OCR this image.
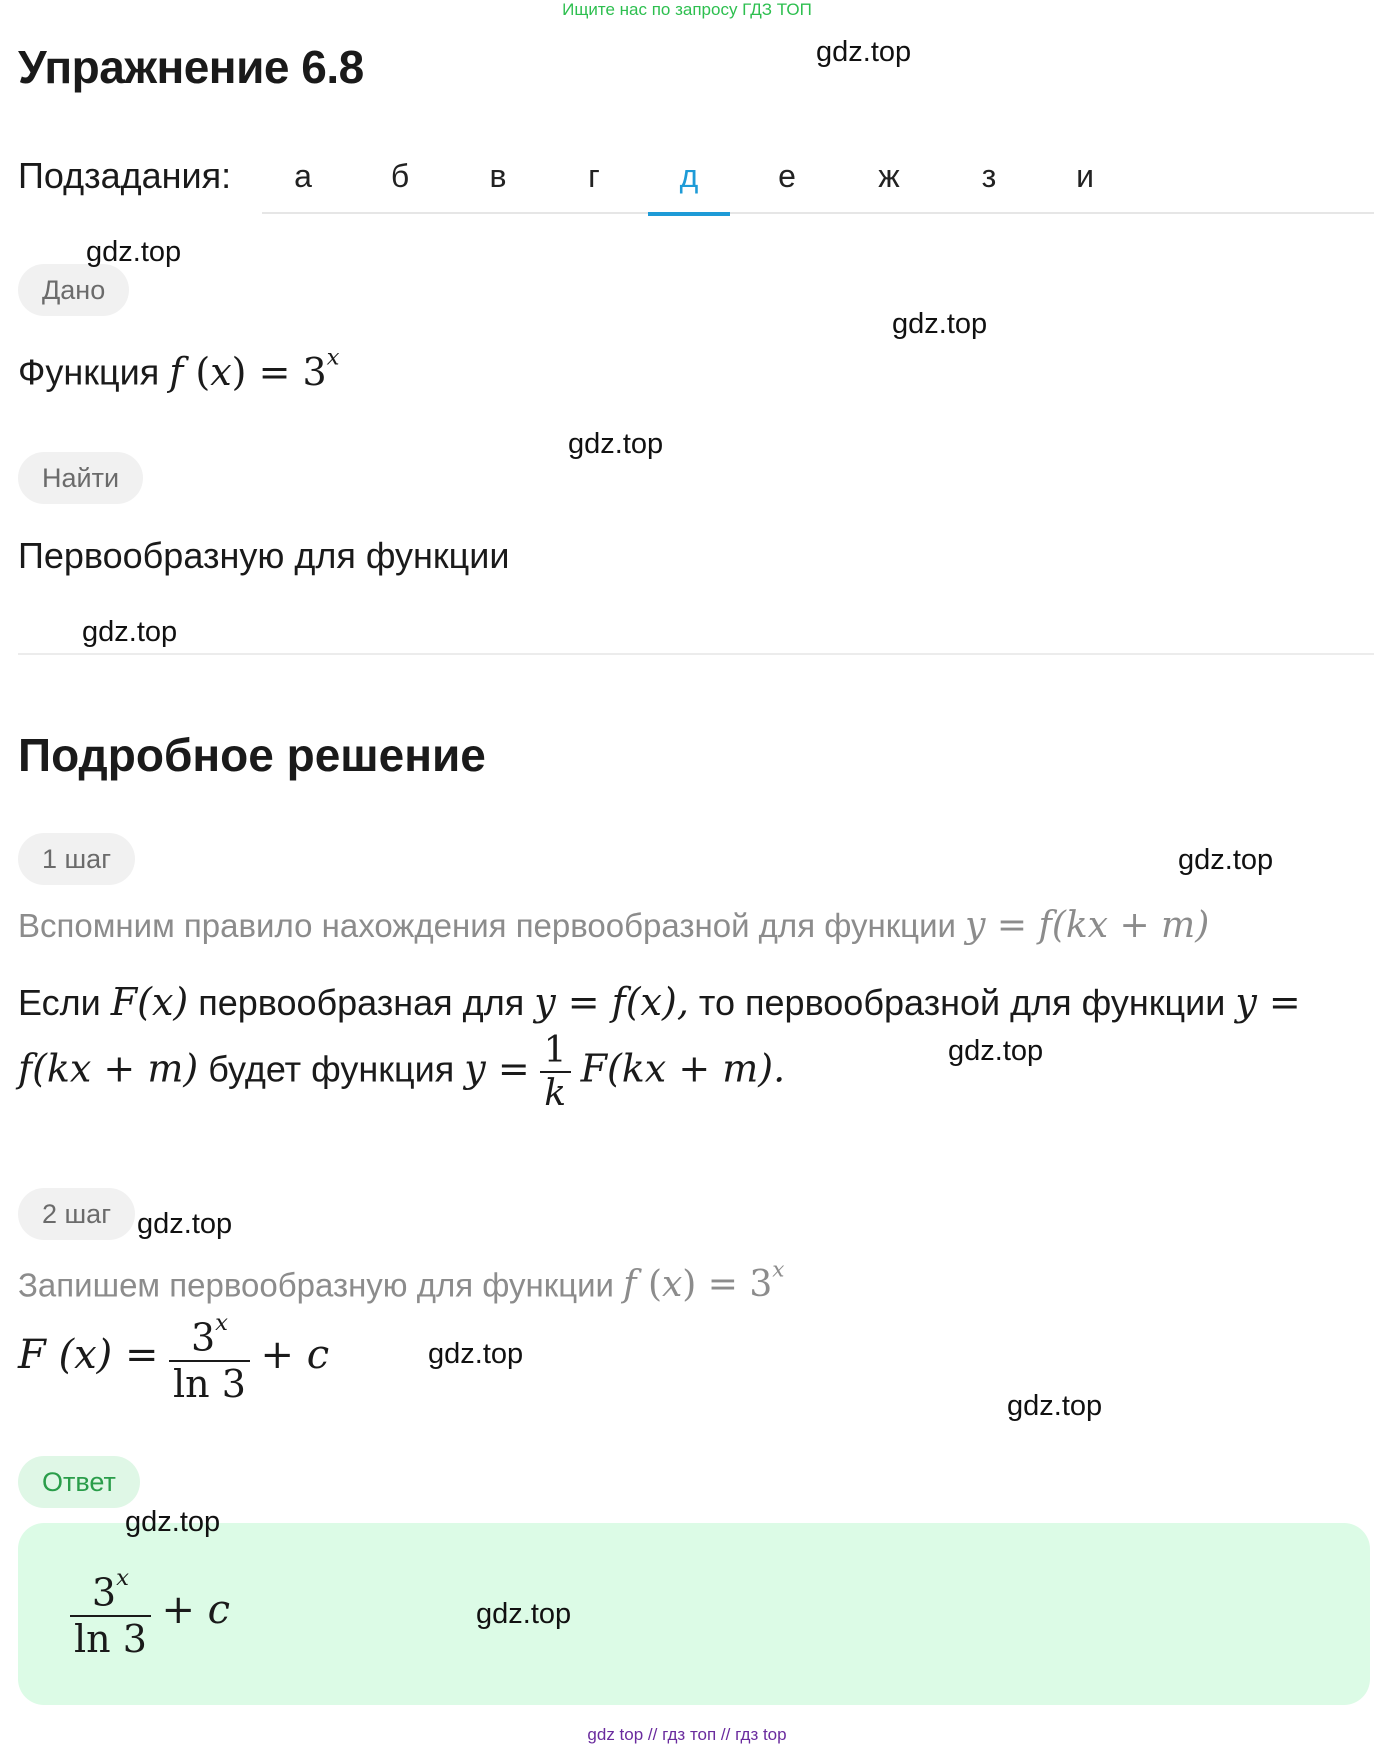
Ищите нас по запросу ГДЗ ТОП
Упражнение 6.8
Подзадания:	а	б	в	г	д	е	ж	з	и
Дано
Функция f $(x) = 3^x$
Найти
Первообразную для функции
Подробное решение
1 шаг
Вспомним правило нахождения первообразной для функции y = f(kx + m)
Если F(x) первообразная для y = f(x), то первообразной для функции y =
f(kx + m) будет функция $y = \frac{1}{k} F(kx + m)$.
2 шаг
Запишем первообразную для функции f $(x) = 3^x$
F $(x) = \frac{3^x}{\ln 3} + c$
Ответ
$\frac{3^x}{\ln 3} + c$
gdz.top
gdz.top
gdz.top
gdz.top
gdz.top
gdz.top
gdz.top
gdz.top
gdz.top
gdz.top
gdz.top
gdz.top
gdz top // гдз топ // гдз top
